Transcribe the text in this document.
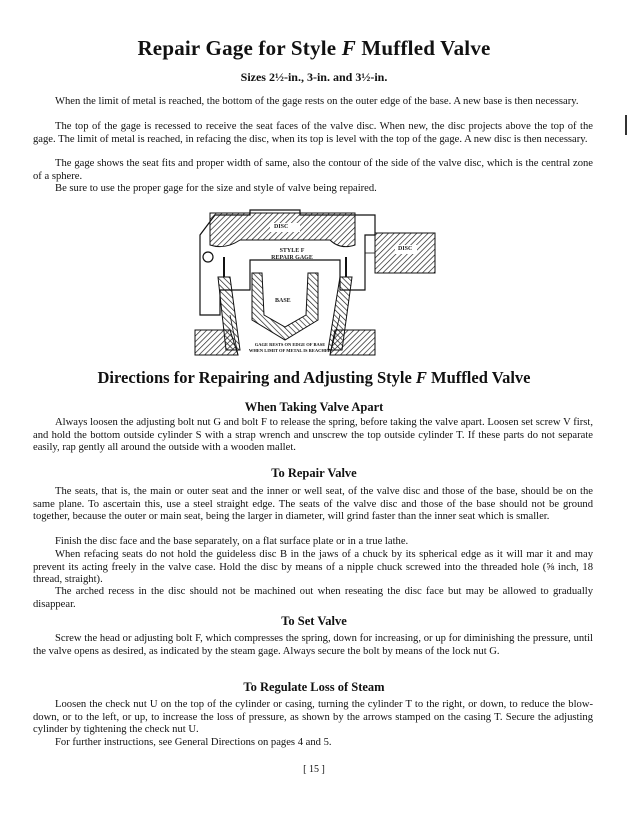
Repair Gage for Style F Muffled Valve
Sizes 2½-in., 3-in. and 3½-in.
When the limit of metal is reached, the bottom of the gage rests on the outer edge of the base. A new base is then necessary.
The top of the gage is recessed to receive the seat faces of the valve disc. When new, the disc projects above the top of the gage. The limit of metal is reached, in refacing the disc, when its top is level with the top of the gage. A new disc is then necessary.
The gage shows the seat fits and proper width of same, also the contour of the side of the valve disc, which is the central zone of a sphere.
Be sure to use the proper gage for the size and style of valve being repaired.
DISC
DISC
STYLE F
REPAIR GAGE
BASE
GAGE RESTS ON EDGE OF BASE
WHEN LIMIT OF METAL IS REACHED
Directions for Repairing and Adjusting Style F Muffled Valve
When Taking Valve Apart
Always loosen the adjusting bolt nut G and bolt F to release the spring, before taking the valve apart. Loosen set screw V first, and hold the bottom outside cylinder S with a strap wrench and unscrew the top outside cylinder T. If these parts do not separate easily, rap gently all around the outside with a wooden mallet.
To Repair Valve
The seats, that is, the main or outer seat and the inner or well seat, of the valve disc and those of the base, should be on the same plane. To ascertain this, use a steel straight edge. The seats of the valve disc and those of the base should not be ground together, because the outer or main seat, being the larger in diameter, will grind faster than the inner seat which is smaller.
Finish the disc face and the base separately, on a flat surface plate or in a true lathe.
When refacing seats do not hold the guideless disc B in the jaws of a chuck by its spherical edge as it will mar it and may prevent its acting freely in the valve case. Hold the disc by means of a nipple chuck screwed into the threaded hole (⅝ inch, 18 thread, straight).
The arched recess in the disc should not be machined out when reseating the disc face but may be allowed to gradually disappear.
To Set Valve
Screw the head or adjusting bolt F, which compresses the spring, down for increasing, or up for diminishing the pressure, until the valve opens as desired, as indicated by the steam gage. Always secure the bolt by means of the lock nut G.
To Regulate Loss of Steam
Loosen the check nut U on the top of the cylinder or casing, turning the cylinder T to the right, or down, to reduce the blow-down, or to the left, or up, to increase the loss of pressure, as shown by the arrows stamped on the casing T. Secure the adjusting cylinder by tightening the check nut U.
For further instructions, see General Directions on pages 4 and 5.
[ 15 ]
